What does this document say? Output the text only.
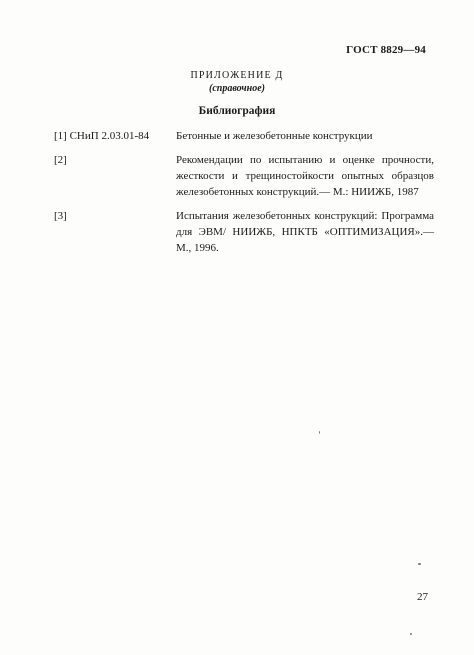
ГОСТ 8829—94
ПРИЛОЖЕНИЕ Д
(справочное)
Библиография
[1] СНиП 2.03.01-84	Бетонные и железобетонные конструкции
[2]	Рекомендации по испытанию и оценке прочности, жесткости и трещиностойкости опытных образцов железобетонных конструкций.— М.: НИИЖБ, 1987
[3]	Испытания железобетонных конструкций: Программа для ЭВМ/ НИИЖБ, НПКТБ «ОПТИМИЗАЦИЯ».— М., 1996.
27
